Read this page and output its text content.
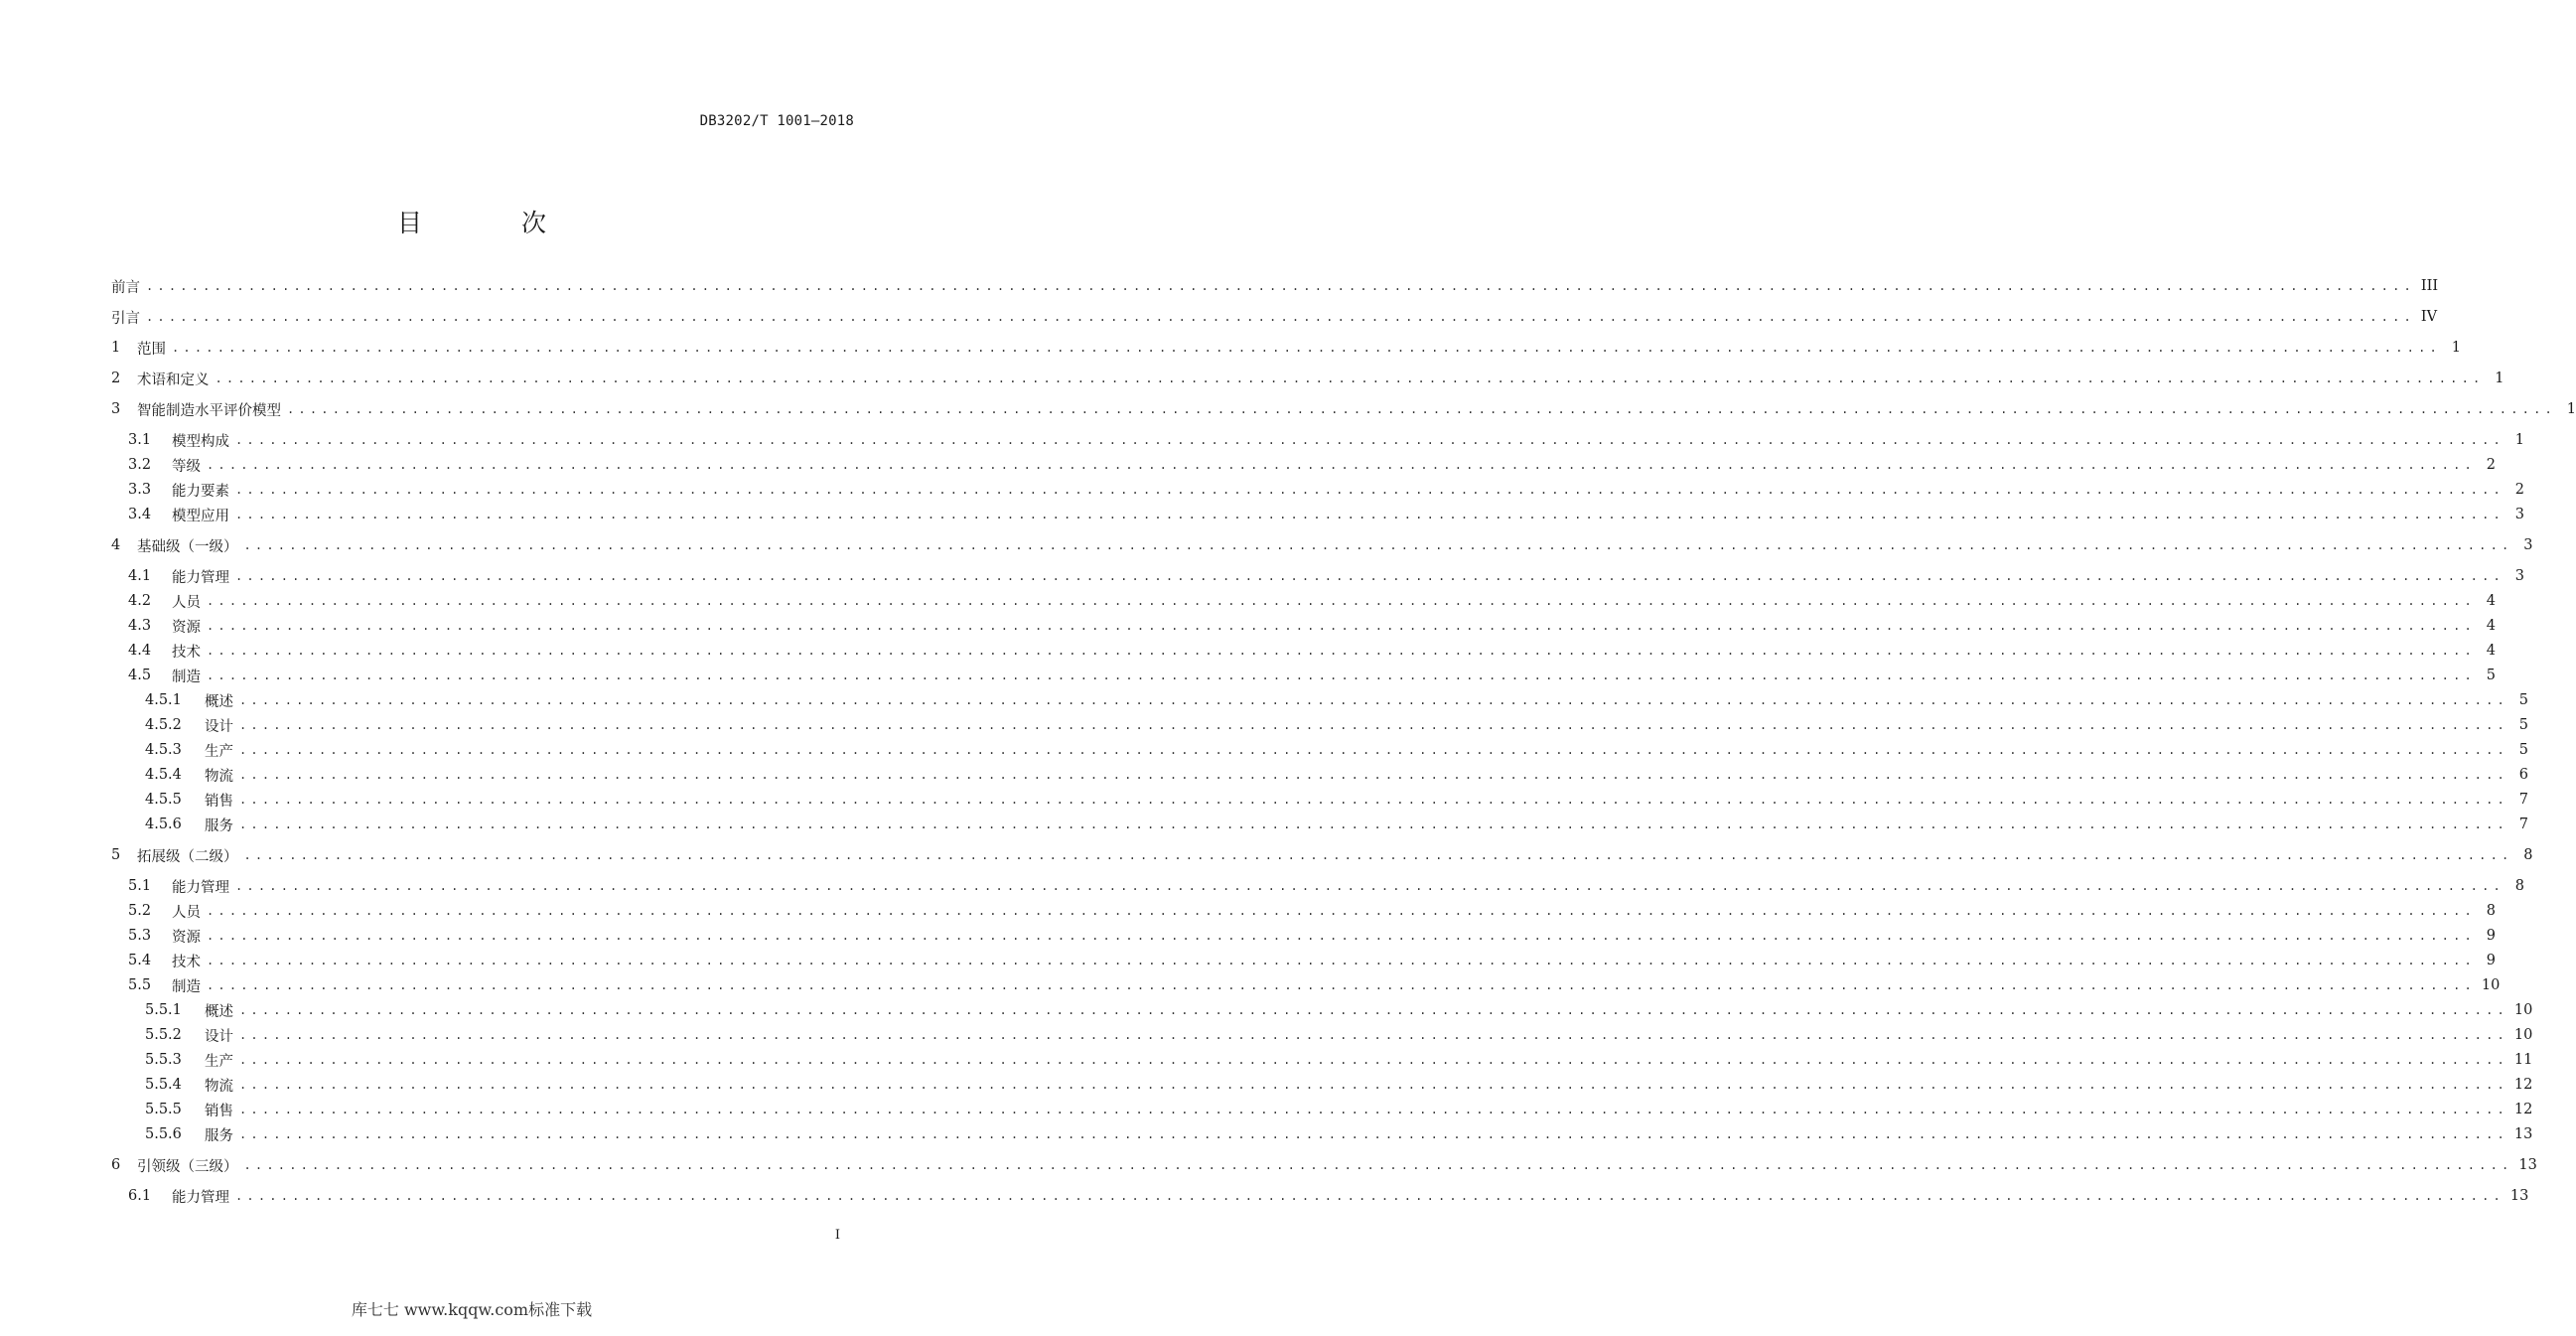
DB3202/T 1001—2018
目 次
前言 ........................................................................................................................................................................................................ III
引言 ........................................................................................................................................................................................................ IV
1 范围 ........................................................................................................................................................................................................ 1
2 术语和定义 ........................................................................................................................................................................................................ 1
3 智能制造水平评价模型 ........................................................................................................................................................................................................ 1
3.1	模型构成 ........................................................................................................................................................................................................ 1
3.2	等级 ........................................................................................................................................................................................................ 2
3.3	能力要素 ........................................................................................................................................................................................................ 2
3.4	模型应用 ........................................................................................................................................................................................................ 3
4 基础级（一级） ........................................................................................................................................................................................................ 3
4.1	能力管理 ........................................................................................................................................................................................................ 3
4.2	人员 ........................................................................................................................................................................................................ 4
4.3	资源 ........................................................................................................................................................................................................ 4
4.4	技术 ........................................................................................................................................................................................................ 4
4.5	制造 ........................................................................................................................................................................................................ 5
4.5.1	概述 ........................................................................................................................................................................................................ 5
4.5.2	设计 ........................................................................................................................................................................................................ 5
4.5.3	生产 ........................................................................................................................................................................................................ 5
4.5.4	物流 ........................................................................................................................................................................................................ 6
4.5.5	销售 ........................................................................................................................................................................................................ 7
4.5.6	服务 ........................................................................................................................................................................................................ 7
5 拓展级（二级） ........................................................................................................................................................................................................ 8
5.1	能力管理 ........................................................................................................................................................................................................ 8
5.2	人员 ........................................................................................................................................................................................................ 8
5.3	资源 ........................................................................................................................................................................................................ 9
5.4	技术 ........................................................................................................................................................................................................ 9
5.5	制造 ........................................................................................................................................................................................................ 10
5.5.1	概述 ........................................................................................................................................................................................................ 10
5.5.2	设计 ........................................................................................................................................................................................................ 10
5.5.3	生产 ........................................................................................................................................................................................................ 11
5.5.4	物流 ........................................................................................................................................................................................................ 12
5.5.5	销售 ........................................................................................................................................................................................................ 12
5.5.6	服务 ........................................................................................................................................................................................................ 13
6 引领级（三级） ........................................................................................................................................................................................................ 13
6.1	能力管理 ........................................................................................................................................................................................................ 13
I
库七七 www.kqqw.com标准下载
